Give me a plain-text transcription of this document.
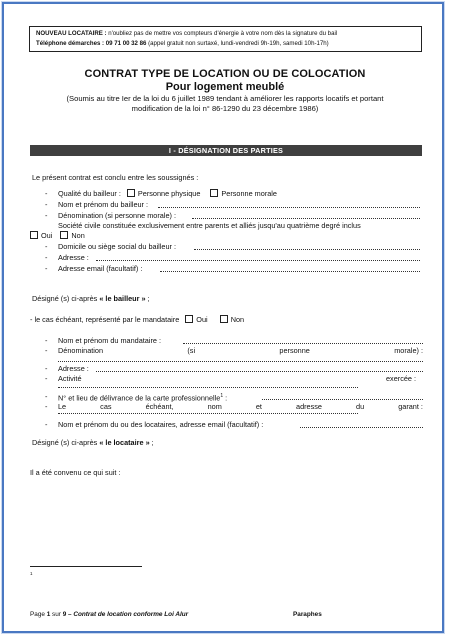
NOUVEAU LOCATAIRE : n'oubliez pas de mettre vos compteurs d'énergie à votre nom dès la signature du bail
Téléphone démarches : 09 71 00 32 86 (appel gratuit non surtaxé, lundi-vendredi 9h-19h, samedi 10h-17h)
CONTRAT TYPE DE LOCATION OU DE COLOCATION
Pour logement meublé
(Soumis au titre Ier de la loi du 6 juillet 1989 tendant à améliorer les rapports locatifs et portant
modification de la loi n° 86-1290 du 23 décembre 1986)
I - DÉSIGNATION DES PARTIES
Le présent contrat est conclu entre les soussignés :
- Qualité du bailleur : Personne physique	Personne morale
- Nom et prénom du bailleur :
- Dénomination (si personne morale) :
Société civile constituée exclusivement entre parents et alliés jusqu'au quatrième degré inclus
Oui	Non
- Domicile ou siège social du bailleur :
- Adresse :
- Adresse email (facultatif) :
Désigné (s) ci-après « le bailleur » ;
- le cas échéant, représenté par le mandataire Oui	Non
- Nom et prénom du mandataire :
- Dénomination	(si	personne	morale) :
- Adresse :
- Activité	exercée :
- N° et lieu de délivrance de la carte professionnelle$^1$ :
- Le	cas	échéant,	nom	et	adresse	du	garant :
- Nom et prénom du ou des locataires, adresse email (facultatif) :
Désigné (s) ci-après « le locataire » ;
Il a été convenu ce qui suit :
1
Page 1 sur 9 – Contrat de location conforme Loi Alur	Paraphes
